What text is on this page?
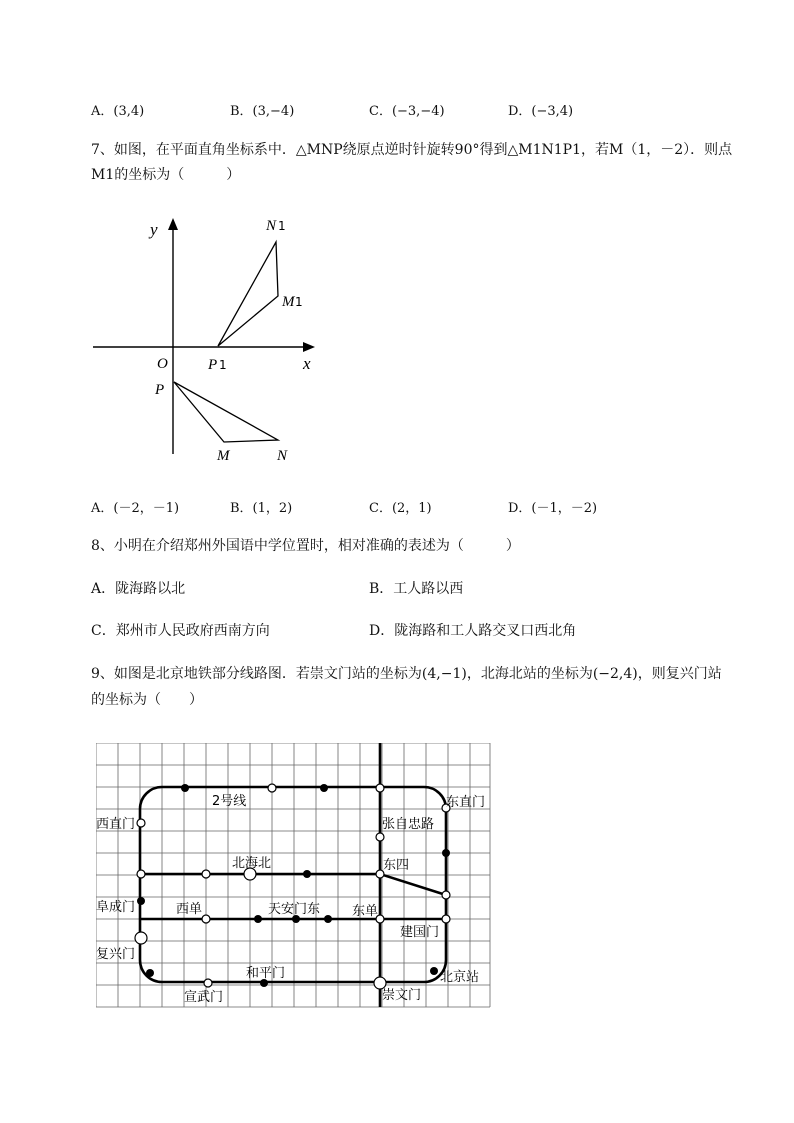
A．(3,4)	B．(3,−4)	C．(−3,−4)	D．(−3,4)
7、如图，在平面直角坐标系中．△MNP绕原点逆时针旋转90°得到△M1N1P1，若M（1，－2）．则点
M1的坐标为（　　　）
y
x
O	P 1
N 1
M 1
P
M	N
A．(－2，－1)	B．(1，2)	C．(2，1)	D．(－1，－2)
8、小明在介绍郑州外国语中学位置时，相对准确的表述为（　　　）
A．陇海路以北	B．工人路以西
C．郑州市人民政府西南方向	D．陇海路和工人路交叉口西北角
9、如图是北京地铁部分线路图．若崇文门站的坐标为(4,−1)，北海北站的坐标为(−2,4)，则复兴门站
的坐标为（　　）
2号线
西直门
东直门
张自忠路
北海北	东四
阜成门	西单	天安门东 东单
建国门
复兴门
和平门	北京站
宣武门	崇文门
